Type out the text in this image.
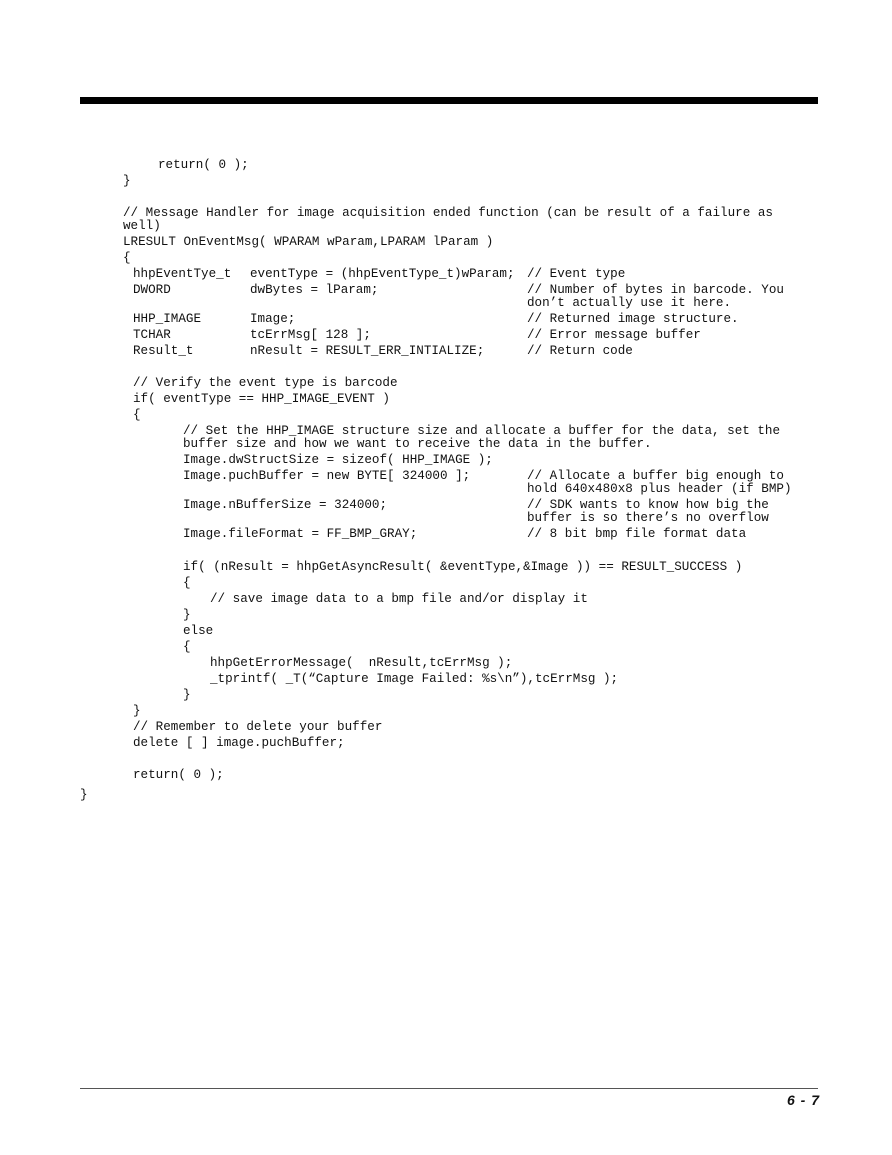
return( 0 );
}
// Message Handler for image acquisition ended function (can be result of a failure as
well)
LRESULT OnEventMsg( WPARAM wParam,LPARAM lParam )
{
hhpEventTye_t eventType = (hhpEventType_t)wParam; // Event type
DWORD	dwBytes = lParam;	// Number of bytes in barcode. You
don’t actually use it here.
HHP_IMAGE	Image;	// Returned image structure.
TCHAR	tcErrMsg[ 128 ];	// Error message buffer
Result_t	nResult = RESULT_ERR_INTIALIZE;	// Return code
// Verify the event type is barcode
if( eventType == HHP_IMAGE_EVENT )
{
// Set the HHP_IMAGE structure size and allocate a buffer for the data, set the
buffer size and how we want to receive the data in the buffer.
Image.dwStructSize = sizeof( HHP_IMAGE );
Image.puchBuffer = new BYTE[ 324000 ];	// Allocate a buffer big enough to
hold 640x480x8 plus header (if BMP)
Image.nBufferSize = 324000;	// SDK wants to know how big the
buffer is so there’s no overflow
Image.fileFormat = FF_BMP_GRAY;	// 8 bit bmp file format data
if( (nResult = hhpGetAsyncResult( &eventType,&Image )) == RESULT_SUCCESS )
{
// save image data to a bmp file and/or display it
}
else
{
hhpGetErrorMessage(  nResult,tcErrMsg );
_tprintf( _T(“Capture Image Failed: %s\n”),tcErrMsg );
}
}
// Remember to delete your buffer
delete [ ] image.puchBuffer;
return( 0 );
}
6 - 7
